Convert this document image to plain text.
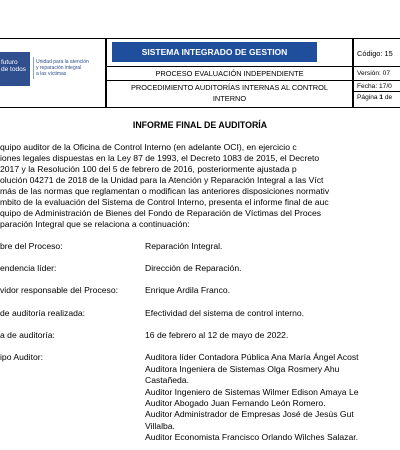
futuro
de todos
Unidad para la atención
y reparación integral
a las víctimas
SISTEMA INTEGRADO DE GESTION
PROCESO EVALUACIÓN INDEPENDIENTE
PROCEDIMIENTO AUDITORÍAS INTERNAS AL CONTROL
INTERNO
Código: 15
Versión: 07
Fecha: 17/0
Página 1 de
INFORME FINAL DE AUDITORÍA
quipo auditor de la Oficina de Control Interno (en adelante OCI), en ejercicio c
iones legales dispuestas en la Ley 87 de 1993, el Decreto 1083 de 2015, el Decreto
2017 y la Resolución 100 del 5 de febrero de 2016, posteriormente ajustada p
olución 04271 de 2018 de la Unidad para la Atención y Reparación Integral a las Víct
más de las normas que reglamentan o modifican las anteriores disposiciones normativ
mbito de la evaluación del Sistema de Control Interno, presenta el informe final de auc
quipo de Administración de Bienes del Fondo de Reparación de Víctimas del Proces
paración Integral que se relaciona a continuación:
bre del Proceso:	Reparación Integral.
endencia líder:	Dirección de Reparación.
vidor responsable del Proceso:	Enrique Ardila Franco.
de auditoría realizada:	Efectividad del sistema de control interno.
a de auditoría:	16 de febrero al 12 de mayo de 2022.
ipo Auditor:	Auditora líder Contadora Pública Ana María Ángel Acost
Auditora Ingeniera de Sistemas Olga Rosmery Ahu
Castañeda.
Auditor Ingeniero de Sistemas Wilmer Edison Amaya Le
Auditor Abogado Juan Fernando León Romero.
Auditor Administrador de Empresas José de Jesús Gut
Villalba.
Auditor Economista Francisco Orlando Wilches Salazar.
